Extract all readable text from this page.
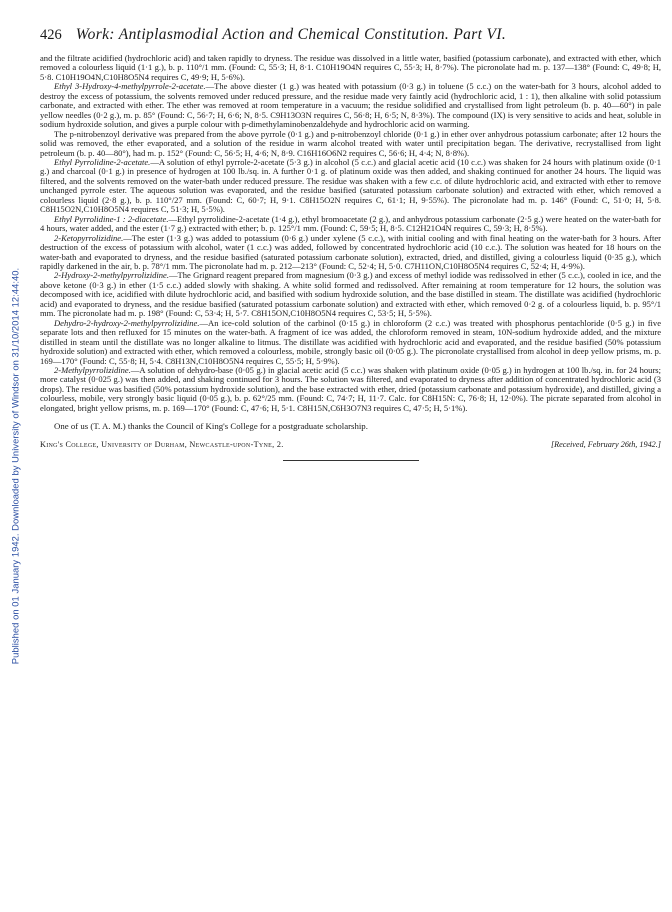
Published on 01 January 1942. Downloaded by University of Windsor on 31/10/2014 12:44:40.
426 Work: Antiplasmodial Action and Chemical Constitution. Part VI.

and the filtrate acidified (hydrochloric acid) and taken rapidly to dryness. The residue was dissolved in a little water, basified (potassium carbonate), and extracted with ether, which removed a colourless liquid (1·1 g.), b. p. 110°/1 mm. (Found: C, 55·3; H, 8·1. C10H19O4N requires C, 55·3; H, 8·7%). The picronolate had m. p. 137—138° (Found: C, 49·8; H, 5·8. C10H19O4N,C10H8O5N4 requires C, 49·9; H, 5·6%).

Ethyl 3-Hydroxy-4-methylpyrrole-2-acetate.—The above diester (1 g.) was heated with potassium (0·3 g.) in toluene (5 c.c.) on the water-bath for 3 hours, alcohol added to destroy the excess of potassium, the solvents removed under reduced pressure, and the residue made very faintly acid (hydrochloric acid, 1 : 1), then alkaline with solid potassium carbonate, and extracted with ether. The ether was removed at room temperature in a vacuum; the residue solidified and crystallised from light petroleum (b. p. 40—60°) in pale yellow needles (0·2 g.), m. p. 85° (Found: C, 56·7; H, 6·6; N, 8·5. C9H13O3N requires C, 56·8; H, 6·5; N, 8·3%). The compound (IX) is very sensitive to acids and heat, soluble in sodium hydroxide solution, and gives a purple colour with p-dimethylaminobenzaldehyde and hydrochloric acid on warming.

The p-nitrobenzoyl derivative was prepared from the above pyrrole (0·1 g.) and p-nitrobenzoyl chloride (0·1 g.) in ether over anhydrous potassium carbonate; after 12 hours the solid was removed, the ether evaporated, and a solution of the residue in warm alcohol treated with water until precipitation began. The derivative, recrystallised from light petroleum (b. p. 40—80°), had m. p. 152° (Found: C, 56·5; H, 4·6; N, 8·9. C16H16O6N2 requires C, 56·6; H, 4·4; N, 8·8%).

Ethyl Pyrrolidine-2-acetate.—A solution of ethyl pyrrole-2-acetate (5·3 g.) in alcohol (5 c.c.) and glacial acetic acid (10 c.c.) was shaken for 24 hours with platinum oxide (0·1 g.) and charcoal (0·1 g.) in presence of hydrogen at 100 lb./sq. in. A further 0·1 g. of platinum oxide was then added, and shaking continued for another 24 hours. The liquid was filtered, and the solvents removed on the water-bath under reduced pressure. The residue was shaken with a few c.c. of dilute hydrochloric acid, and extracted with ether to remove unchanged pyrrole ester. The aqueous solution was evaporated, and the residue basified (saturated potassium carbonate solution) and extracted with ether, which removed a colourless liquid (2·8 g.), b. p. 110°/27 mm. (Found: C, 60·7; H, 9·1. C8H15O2N requires C, 61·1; H, 9·55%). The picronolate had m. p. 146° (Found: C, 51·0; H, 5·8. C8H15O2N,C10H8O5N4 requires C, 51·3; H, 5·5%).

Ethyl Pyrrolidine-1 : 2-diacetate.—Ethyl pyrrolidine-2-acetate (1·4 g.), ethyl bromoacetate (2 g.), and anhydrous potassium carbonate (2·5 g.) were heated on the water-bath for 4 hours, water added, and the ester (1·7 g.) extracted with ether; b. p. 125°/1 mm. (Found: C, 59·5; H, 8·5. C12H21O4N requires C, 59·3; H, 8·5%).

2-Ketopyrrolizidine.—The ester (1·3 g.) was added to potassium (0·6 g.) under xylene (5 c.c.), with initial cooling and with final heating on the water-bath for 3 hours. After destruction of the excess of potassium with alcohol, water (1 c.c.) was added, followed by concentrated hydrochloric acid (10 c.c.). The solution was heated for 18 hours on the water-bath and evaporated to dryness, and the residue basified (saturated potassium carbonate solution), extracted, dried, and distilled, giving a colourless liquid (0·35 g.), which rapidly darkened in the air, b. p. 78°/1 mm. The picronolate had m. p. 212—213° (Found: C, 52·4; H, 5·0. C7H11ON,C10H8O5N4 requires C, 52·4; H, 4·9%).

2-Hydroxy-2-methylpyrrolizidine.—The Grignard reagent prepared from magnesium (0·3 g.) and excess of methyl iodide was redissolved in ether (5 c.c.), cooled in ice, and the above ketone (0·3 g.) in ether (1·5 c.c.) added slowly with shaking. A white solid formed and redissolved. After remaining at room temperature for 12 hours, the solution was decomposed with ice, acidified with dilute hydrochloric acid, and basified with sodium hydroxide solution, and the base distilled in steam. The distillate was acidified (hydrochloric acid) and evaporated to dryness, and the residue basified (saturated potassium carbonate solution) and extracted with ether, which removed 0·2 g. of a colourless liquid, b. p. 95°/1 mm. The picronolate had m. p. 198° (Found: C, 53·4; H, 5·7. C8H15ON,C10H8O5N4 requires C, 53·5; H, 5·5%).

Dehydro-2-hydroxy-2-methylpyrrolizidine.—An ice-cold solution of the carbinol (0·15 g.) in chloroform (2 c.c.) was treated with phosphorus pentachloride (0·5 g.) in five separate lots and then refluxed for 15 minutes on the water-bath. A fragment of ice was added, the chloroform removed in steam, 10N-sodium hydroxide added, and the mixture distilled in steam until the distillate was no longer alkaline to litmus. The distillate was acidified with hydrochloric acid and evaporated, and the residue basified (50% potassium hydroxide solution) and extracted with ether, which removed a colourless, mobile, strongly basic oil (0·05 g.). The picronolate crystallised from alcohol in deep yellow prisms, m. p. 169—170° (Found: C, 55·8; H, 5·4. C8H13N,C10H8O5N4 requires C, 55·5; H, 5·9%).

2-Methylpyrrolizidine.—A solution of dehydro-base (0·05 g.) in glacial acetic acid (5 c.c.) was shaken with platinum oxide (0·05 g.) in hydrogen at 100 lb./sq. in. for 24 hours; more catalyst (0·025 g.) was then added, and shaking continued for 3 hours. The solution was filtered, and evaporated to dryness after addition of concentrated hydrochloric acid (3 drops). The residue was basified (50% potassium hydroxide solution), and the base extracted with ether, dried (potassium carbonate and potassium hydroxide), and distilled, giving a colourless, mobile, very strongly basic liquid (0·05 g.), b. p. 62°/25 mm. (Found: C, 74·7; H, 11·7. Calc. for C8H15N: C, 76·8; H, 12·0%). The picrate separated from alcohol in elongated, bright yellow prisms, m. p. 169—170° (Found: C, 47·6; H, 5·1. C8H15N,C6H3O7N3 requires C, 47·5; H, 5·1%).

One of us (T. A. M.) thanks the Council of King's College for a postgraduate scholarship.

King's College, University of Durham, Newcastle-upon-Tyne, 2.	[Received, February 26th, 1942.]
